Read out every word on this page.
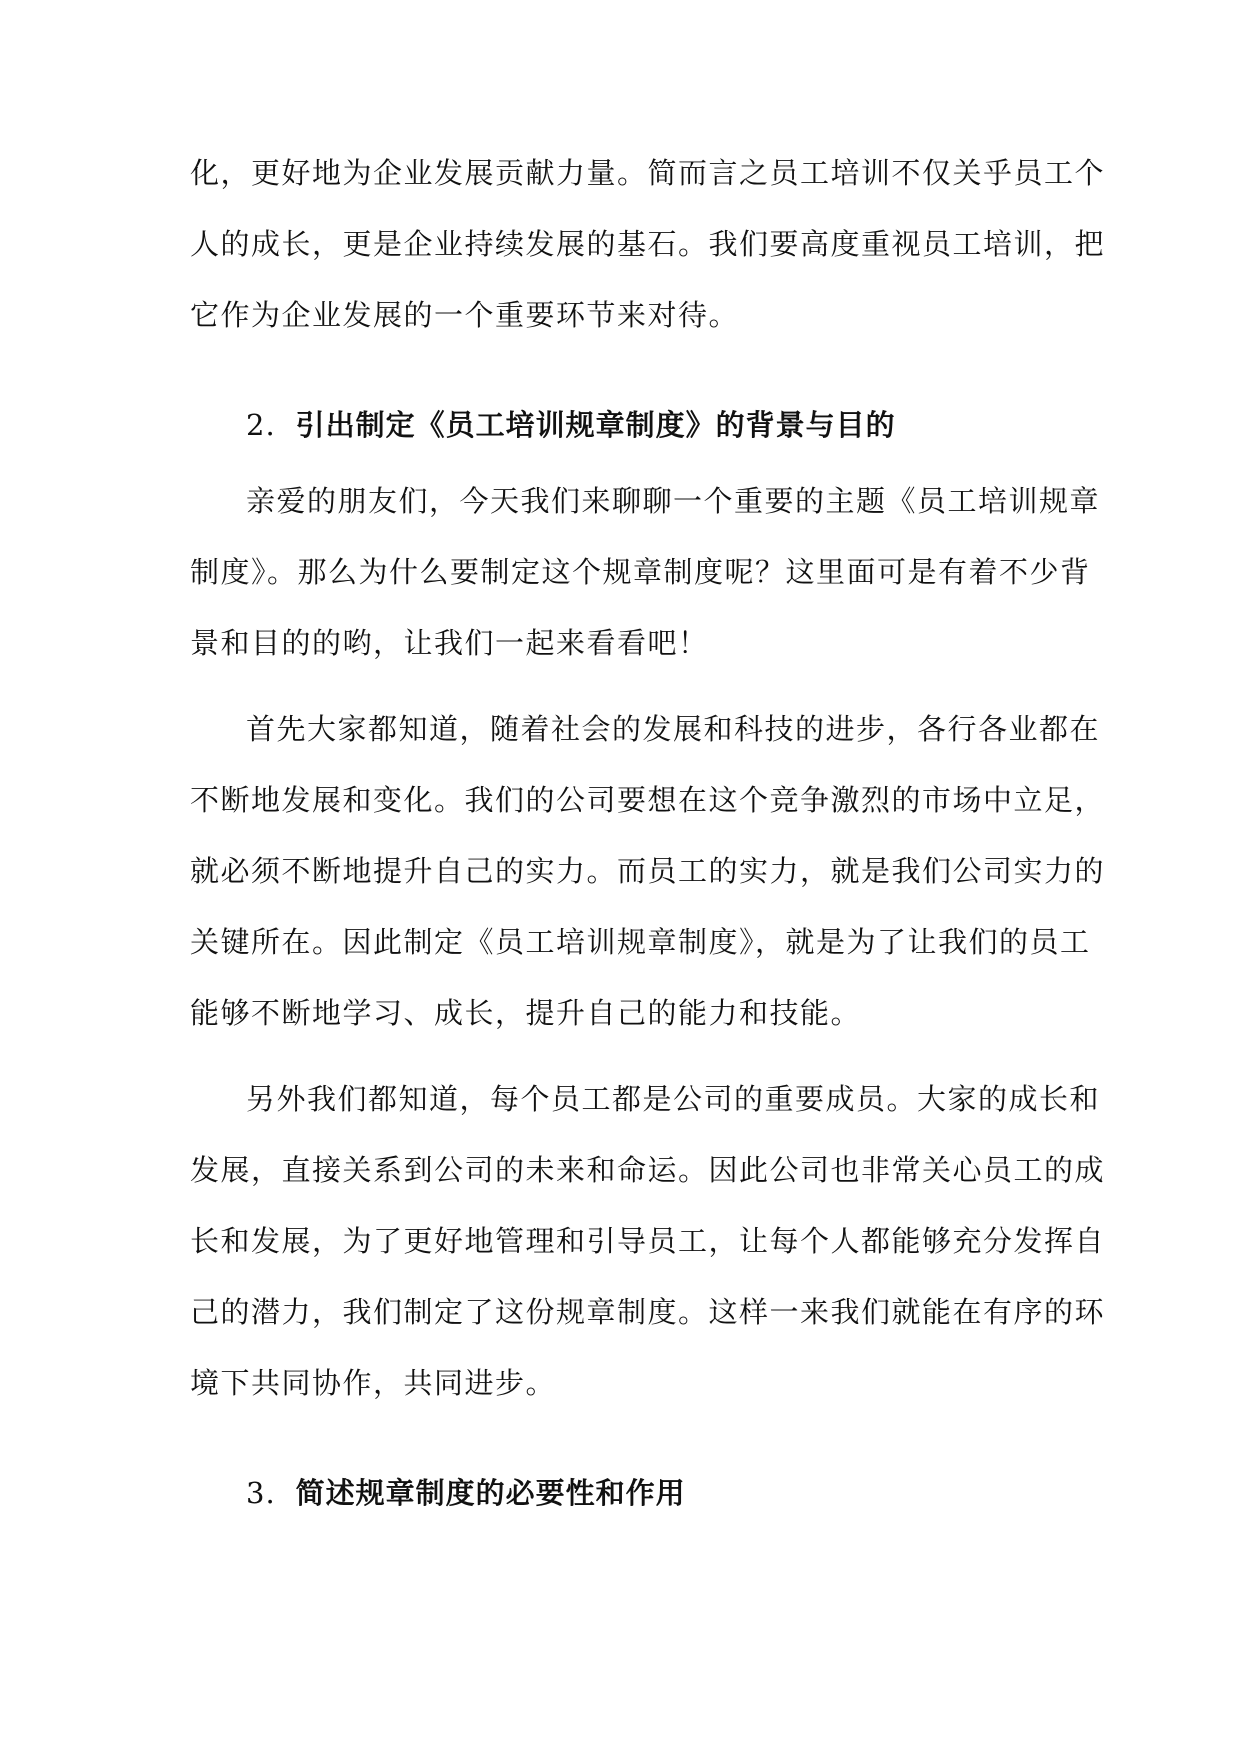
化，更好地为企业发展贡献力量。简而言之员工培训不仅关乎员工个
人的成长，更是企业持续发展的基石。我们要高度重视员工培训，把
它作为企业发展的一个重要环节来对待。
2. 引出制定《员工培训规章制度》的背景与目的
亲爱的朋友们，今天我们来聊聊一个重要的主题《员工培训规章
制度》。那么为什么要制定这个规章制度呢？这里面可是有着不少背
景和目的的哟，让我们一起来看看吧！
首先大家都知道，随着社会的发展和科技的进步，各行各业都在
不断地发展和变化。我们的公司要想在这个竞争激烈的市场中立足，
就必须不断地提升自己的实力。而员工的实力，就是我们公司实力的
关键所在。因此制定《员工培训规章制度》，就是为了让我们的员工
能够不断地学习、成长，提升自己的能力和技能。
另外我们都知道，每个员工都是公司的重要成员。大家的成长和
发展，直接关系到公司的未来和命运。因此公司也非常关心员工的成
长和发展，为了更好地管理和引导员工，让每个人都能够充分发挥自
己的潜力，我们制定了这份规章制度。这样一来我们就能在有序的环
境下共同协作，共同进步。
3. 简述规章制度的必要性和作用
